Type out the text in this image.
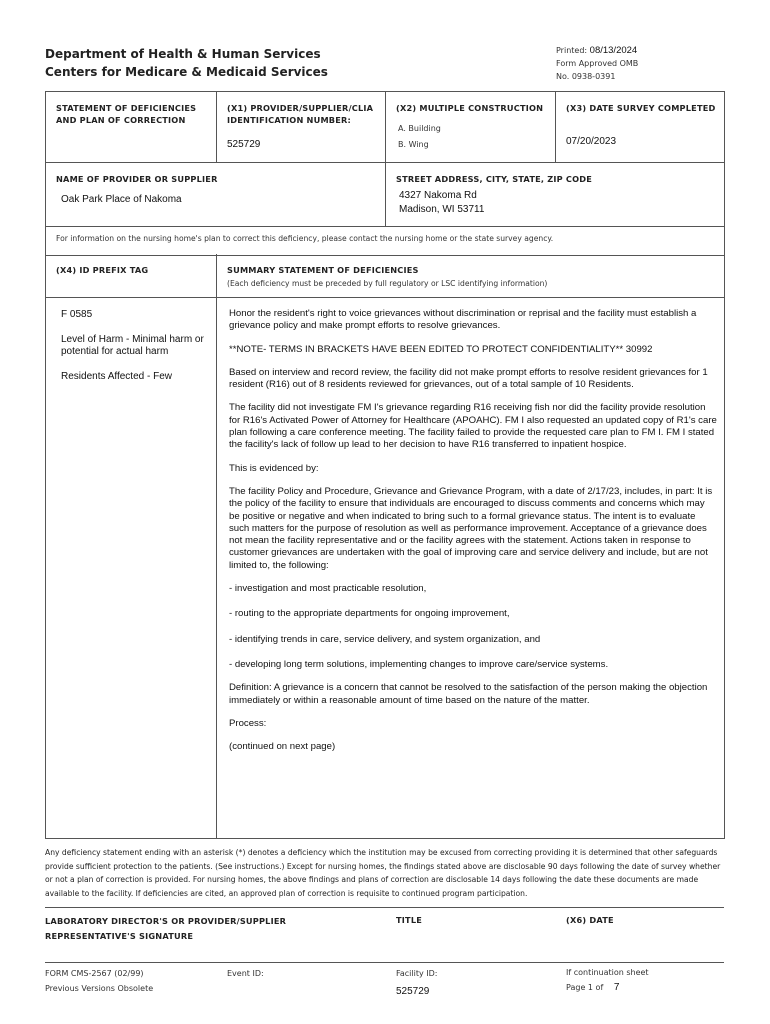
Department of Health & Human Services
Centers for Medicare & Medicaid Services
Printed: 08/13/2024
Form Approved OMB
No. 0938-0391
STATEMENT OF DEFICIENCIES AND PLAN OF CORRECTION
(X1) PROVIDER/SUPPLIER/CLIA IDENTIFICATION NUMBER:
525729
(X2) MULTIPLE CONSTRUCTION
A. Building
B. Wing
(X3) DATE SURVEY COMPLETED
07/20/2023
NAME OF PROVIDER OR SUPPLIER
Oak Park Place of Nakoma
STREET ADDRESS, CITY, STATE, ZIP CODE
4327 Nakoma Rd
Madison, WI 53711
For information on the nursing home's plan to correct this deficiency, please contact the nursing home or the state survey agency.
(X4) ID PREFIX TAG	SUMMARY STATEMENT OF DEFICIENCIES
(Each deficiency must be preceded by full regulatory or LSC identifying information)
F 0585
Level of Harm - Minimal harm or potential for actual harm
Residents Affected - Few

Honor the resident's right to voice grievances without discrimination or reprisal and the facility must establish a grievance policy and make prompt efforts to resolve grievances.

**NOTE- TERMS IN BRACKETS HAVE BEEN EDITED TO PROTECT CONFIDENTIALITY** 30992

Based on interview and record review, the facility did not make prompt efforts to resolve resident grievances for 1 resident (R16) out of 8 residents reviewed for grievances, out of a total sample of 10 Residents.

The facility did not investigate FM I's grievance regarding R16 receiving fish nor did the facility provide resolution for R16's Activated Power of Attorney for Healthcare (APOAHC). FM I also requested an updated copy of R1's care plan following a care conference meeting. The facility failed to provide the requested care plan to FM I. FM I stated the facility's lack of follow up lead to her decision to have R16 transferred to inpatient hospice.

This is evidenced by:

The facility Policy and Procedure, Grievance and Grievance Program, with a date of 2/17/23, includes, in part: It is the policy of the facility to ensure that individuals are encouraged to discuss comments and concerns which may be positive or negative and when indicated to bring such to a formal grievance status. The intent is to evaluate such matters for the purpose of resolution as well as performance improvement. Acceptance of a grievance does not mean the facility representative and or the facility agrees with the statement. Actions taken in response to customer grievances are undertaken with the goal of improving care and service delivery and include, but are not limited to, the following:

- investigation and most practicable resolution,

- routing to the appropriate departments for ongoing improvement,

- identifying trends in care, service delivery, and system organization, and

- developing long term solutions, implementing changes to improve care/service systems.

Definition: A grievance is a concern that cannot be resolved to the satisfaction of the person making the objection immediately or within a reasonable amount of time based on the nature of the matter.

Process:

(continued on next page)

Any deficiency statement ending with an asterisk (*) denotes a deficiency which the institution may be excused from correcting providing it is determined that other safeguards provide sufficient protection to the patients. (See instructions.) Except for nursing homes, the findings stated above are disclosable 90 days following the date of survey whether or not a plan of correction is provided. For nursing homes, the above findings and plans of correction are disclosable 14 days following the date these documents are made available to the facility. If deficiencies are cited, an approved plan of correction is requisite to continued program participation.
LABORATORY DIRECTOR'S OR PROVIDER/SUPPLIER REPRESENTATIVE'S SIGNATURE
TITLE	(X6) DATE
FORM CMS-2567 (02/99)
Previous Versions Obsolete
Event ID:	Facility ID:
525729
If continuation sheet
Page 1 of 7
